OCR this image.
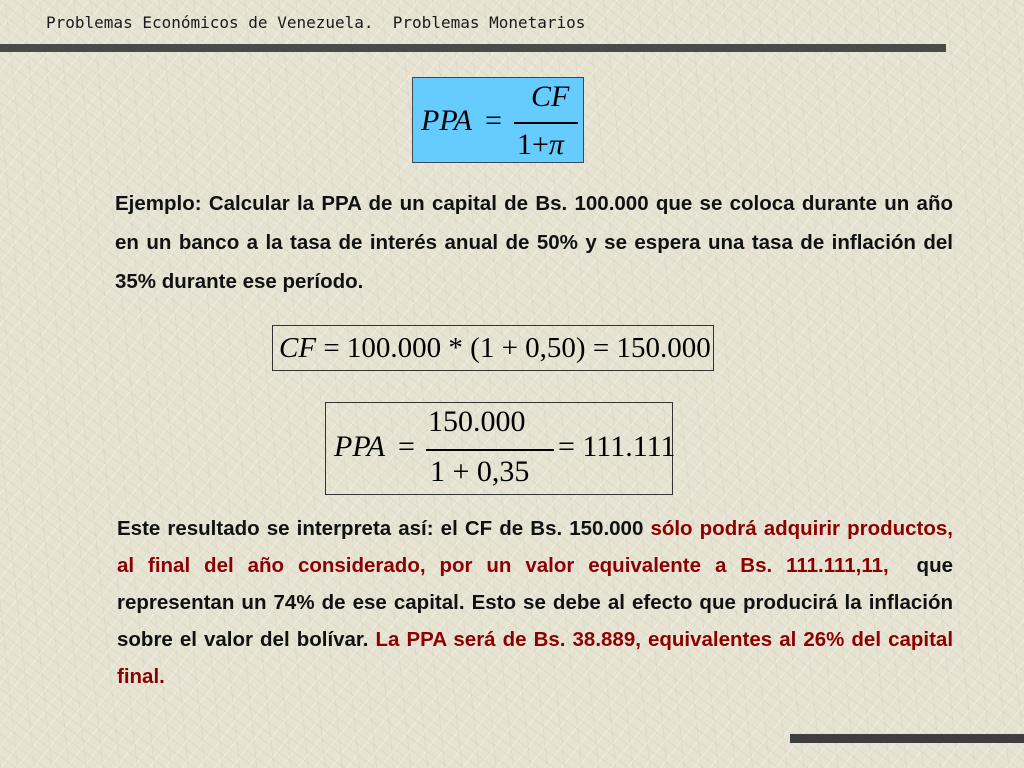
Problemas Económicos de Venezuela.  Problemas Monetarios
PPA =
CF
1+π

Ejemplo: Calcular la PPA de un capital de Bs. 100.000 que se coloca durante un año en un banco a la tasa de interés anual de 50% y se espera una tasa de inflación del 35% durante ese período.

CF = 100.000 * (1 + 0,50) = 150.000
PPA =
150.000
1 + 0,35
= 111.111

Este resultado se interpreta así: el CF de Bs. 150.000 sólo podrá adquirir productos, al final del año considerado, por un valor equivalente a Bs. 111.111,11,  que representan un 74% de ese capital. Esto se debe al efecto que producirá la inflación sobre el valor del bolívar. La PPA será de Bs. 38.889, equivalentes al 26% del capital final.
